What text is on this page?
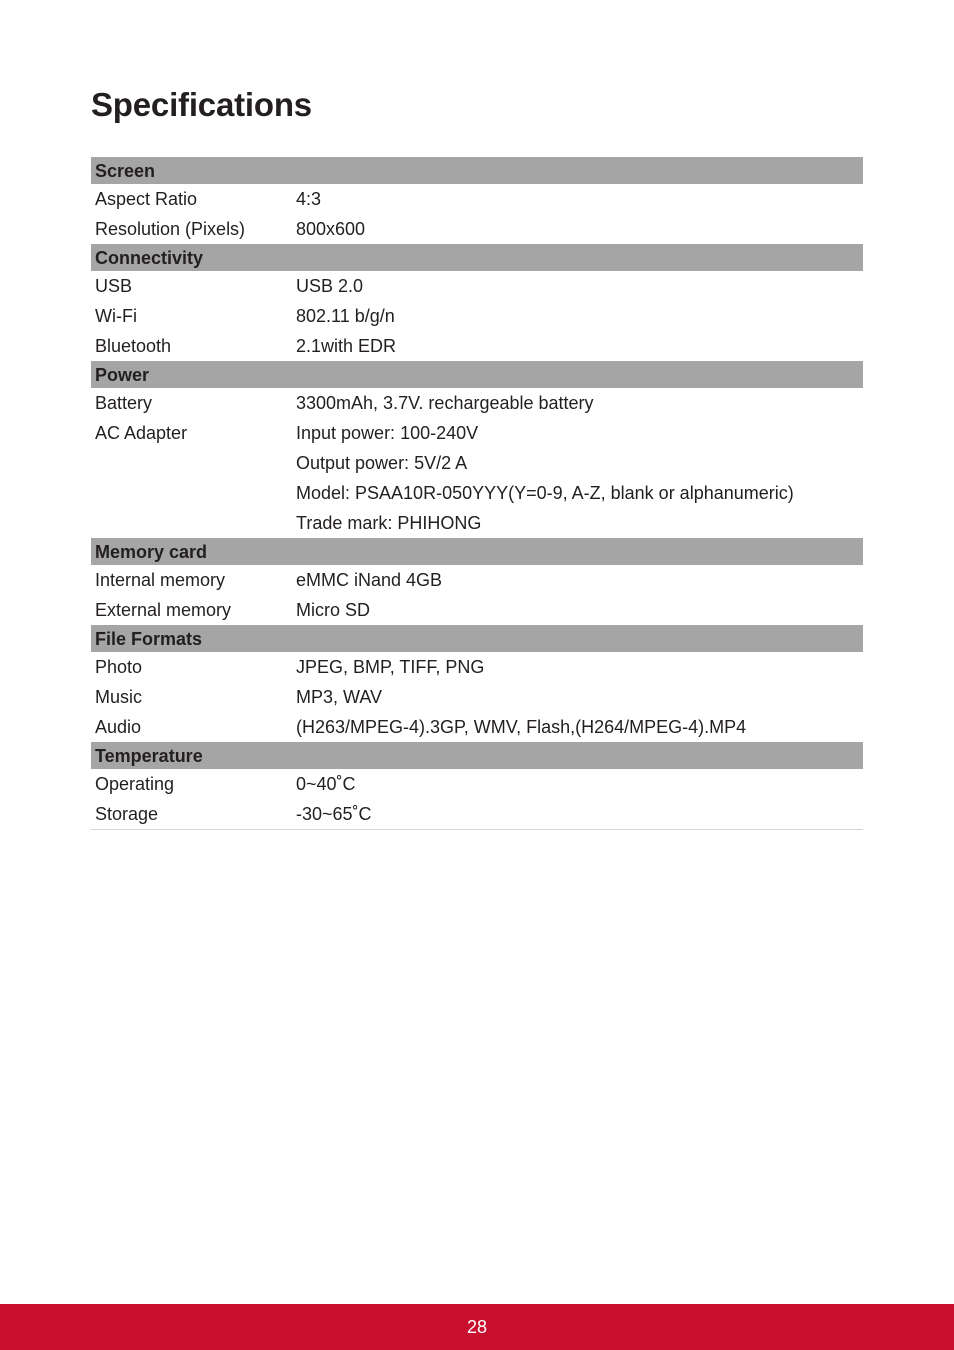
Specifications
Screen
Aspect Ratio	4:3
Resolution (Pixels)	800x600
Connectivity
USB	USB 2.0
Wi-Fi	802.11 b/g/n
Bluetooth	2.1with EDR
Power
Battery	3300mAh, 3.7V. rechargeable battery
AC Adapter	Input power: 100-240V
Output power: 5V/2 A
Model: PSAA10R-050YYY(Y=0-9, A-Z, blank or alphanumeric)
Trade mark: PHIHONG
Memory card
Internal memory	eMMC iNand 4GB
External memory	Micro SD
File Formats
Photo	JPEG, BMP, TIFF, PNG
Music	MP3, WAV
Audio	(H263/MPEG-4).3GP, WMV, Flash,(H264/MPEG-4).MP4
Temperature
Operating	0~40˚C
Storage	-30~65˚C
28
